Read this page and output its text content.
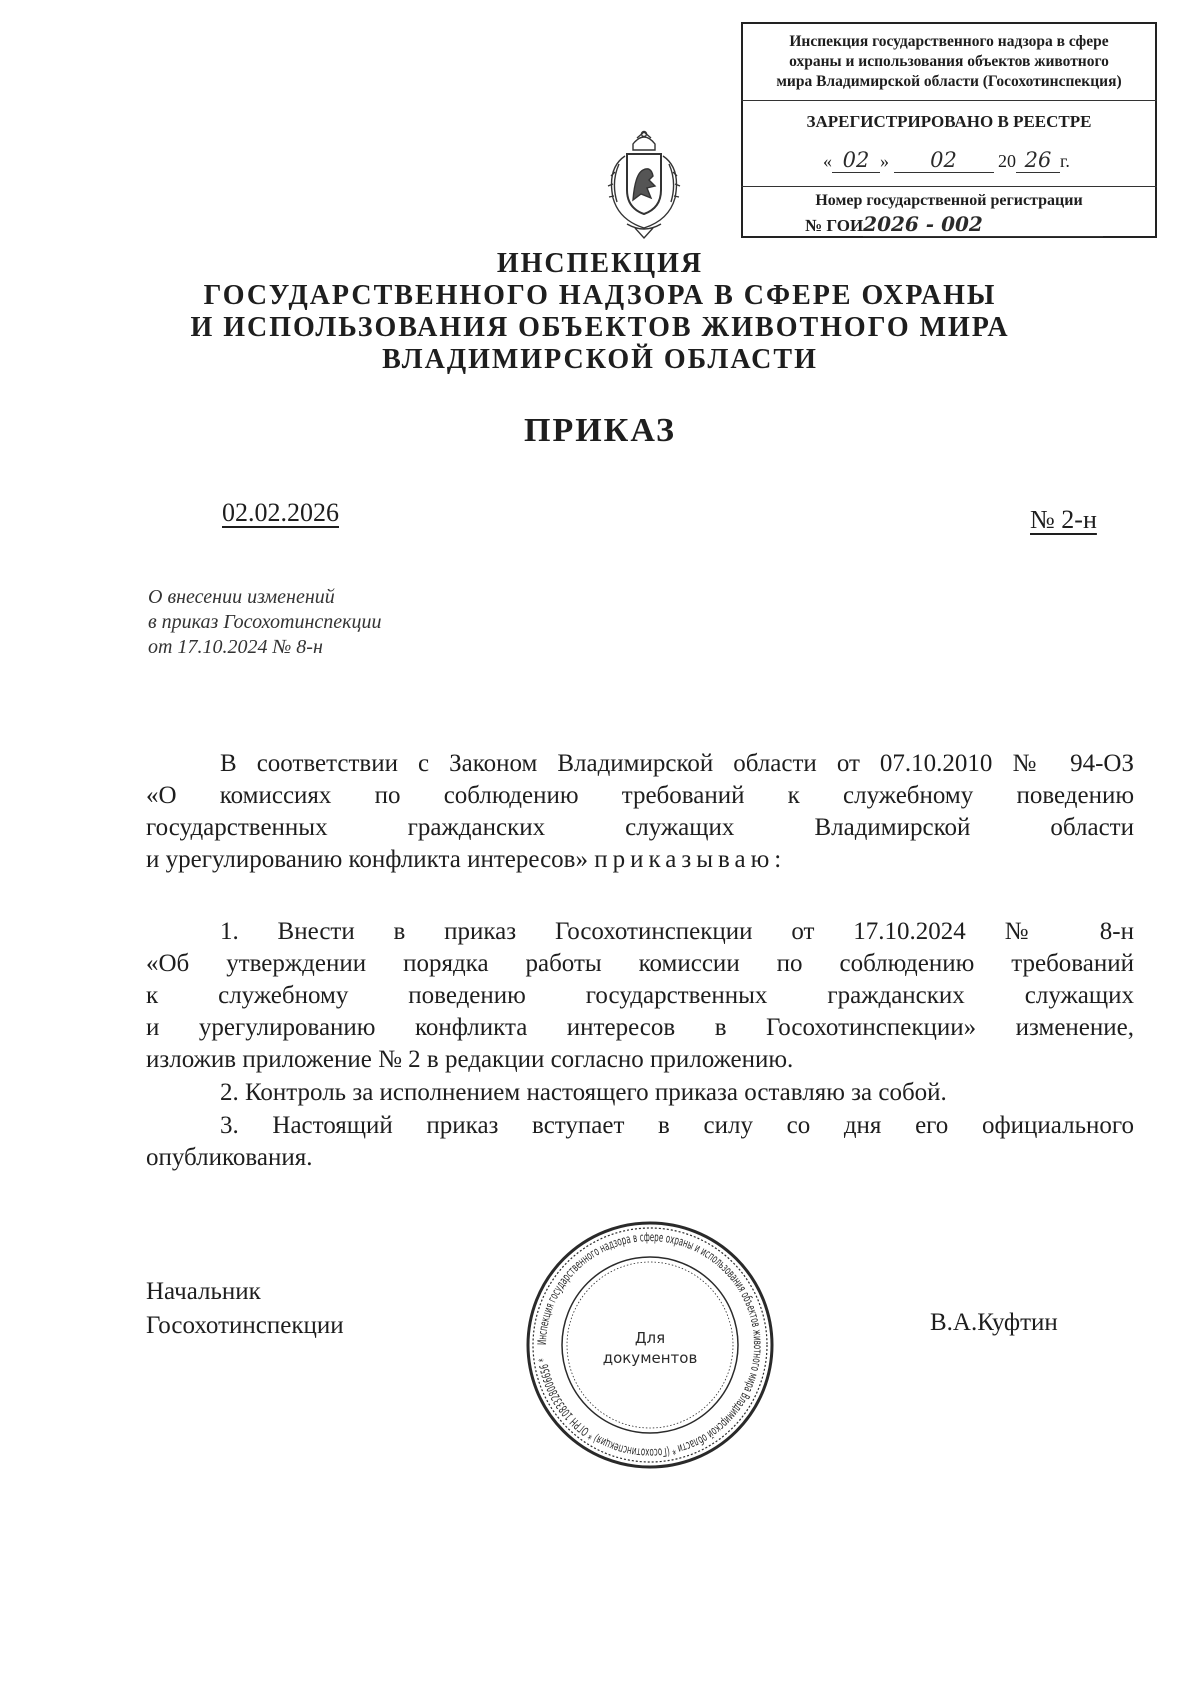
Инспекция государственного надзора в сфере
охраны и использования объектов животного
мира Владимирской области (Госохотинспекция)
ЗАРЕГИСТРИРОВАНО В РЕЕСТРЕ
« 02 » 02 20 26 г.
Номер государственной регистрации
№ ГОИ2026 - 002
ИНСПЕКЦИЯ
ГОСУДАРСТВЕННОГО НАДЗОРА В СФЕРЕ ОХРАНЫ
И ИСПОЛЬЗОВАНИЯ ОБЪЕКТОВ ЖИВОТНОГО МИРА
ВЛАДИМИРСКОЙ ОБЛАСТИ
ПРИКАЗ
02.02.2026	№ 2-н
О внесении изменений
в приказ Госохотинспекции
от 17.10.2024 № 8-н
В соответствии с Законом Владимирской области от 07.10.2010 № 94-ОЗ
«О комиссиях по соблюдению требований к служебному поведению
государственных гражданских служащих Владимирской области
и урегулированию конфликта интересов» приказываю:
1. Внести в приказ Госохотинспекции от 17.10.2024 № 8-н
«Об утверждении порядка работы комиссии по соблюдению требований
к служебному поведению государственных гражданских служащих
и урегулированию конфликта интересов в Госохотинспекции» изменение,
изложив приложение № 2 в редакции согласно приложению.
2. Контроль за исполнением настоящего приказа оставляю за собой.
3. Настоящий приказ вступает в силу со дня его официального
опубликования.
Начальник
Госохотинспекции	В.А.Куфтин
Инспекция государственного надзора в сфере охраны и использования объектов животного мира Владимирской области * (Госохотинспекция) * ОГРН 1083328006656 *
Для
документов
